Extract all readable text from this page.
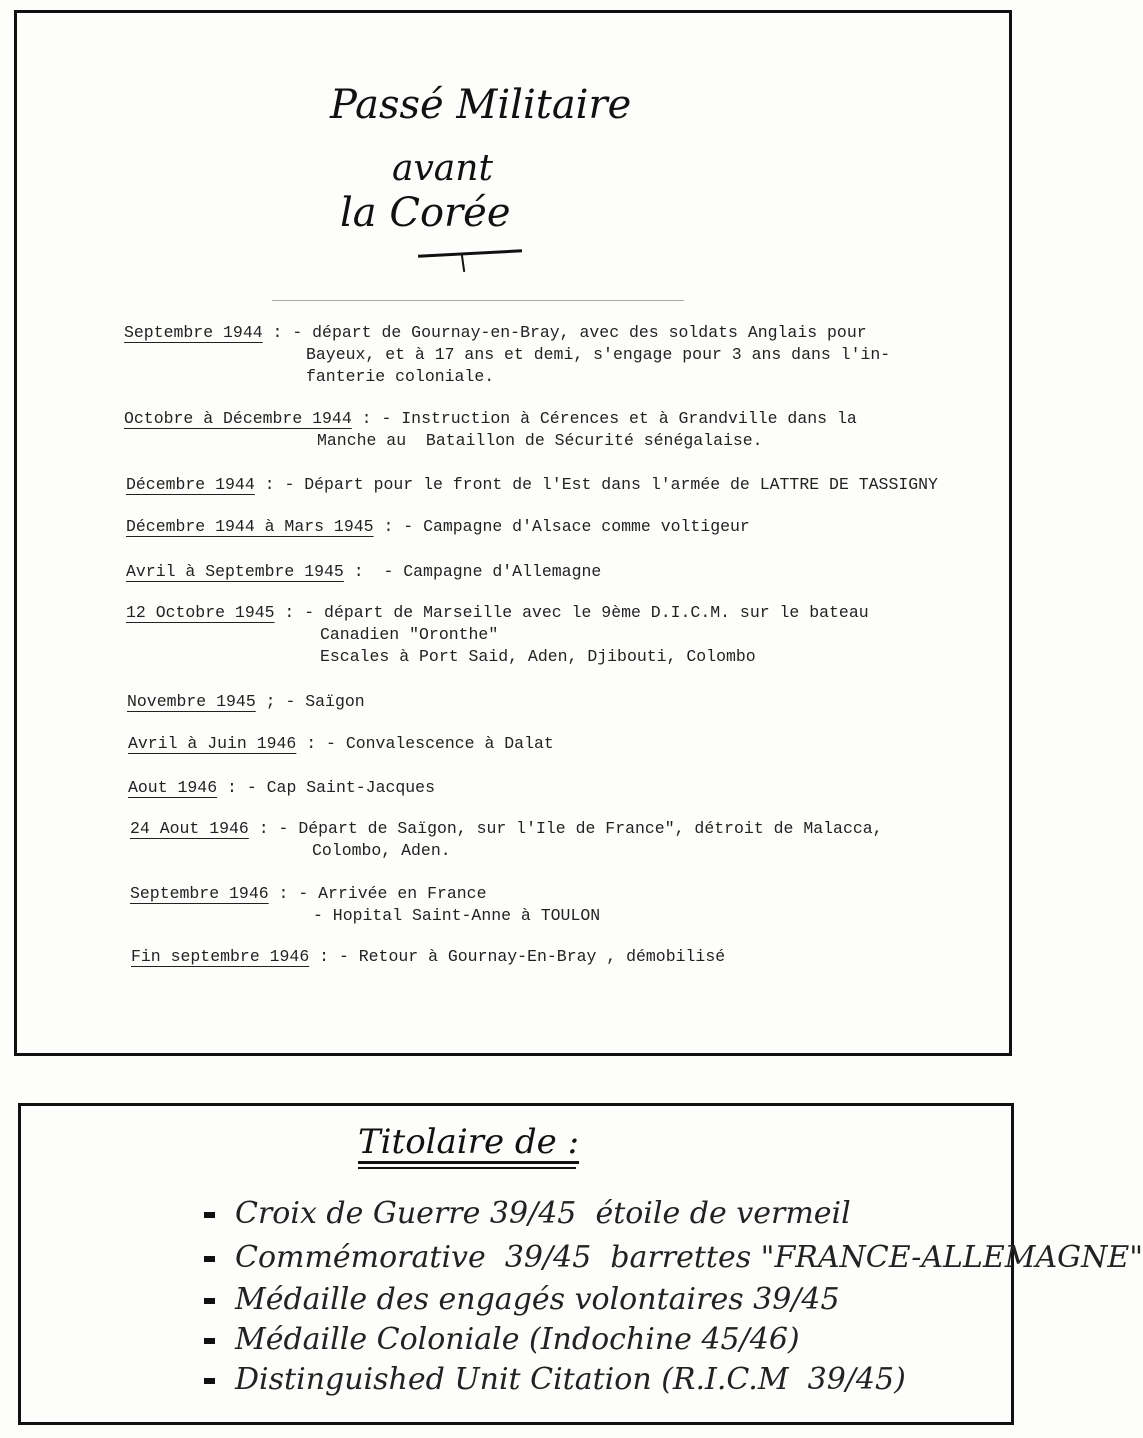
Passé Militaire
avant
la Corée
Septembre 1944 : - départ de Gournay-en-Bray, avec des soldats Anglais pour
Bayeux, et à 17 ans et demi, s'engage pour 3 ans dans l'in-
fanterie coloniale.
Octobre à Décembre 1944 : - Instruction à Cérences et à Grandville dans la
Manche au  Bataillon de Sécurité sénégalaise.
Décembre 1944 : - Départ pour le front de l'Est dans l'armée de LATTRE DE TASSIGNY
Décembre 1944 à Mars 1945 : - Campagne d'Alsace comme voltigeur
Avril à Septembre 1945 :  - Campagne d'Allemagne
12 Octobre 1945 : - départ de Marseille avec le 9ème D.I.C.M. sur le bateau
Canadien "Oronthe"
Escales à Port Said, Aden, Djibouti, Colombo
Novembre 1945 ; - Saïgon
Avril à Juin 1946 : - Convalescence à Dalat
Aout 1946 : - Cap Saint-Jacques
24 Aout 1946 : - Départ de Saïgon, sur l'Ile de France", détroit de Malacca,
Colombo, Aden.
Septembre 1946 : - Arrivée en France
- Hopital Saint-Anne à TOULON
Fin septembre 1946 : - Retour à Gournay-En-Bray , démobilisé
Titolaire de :
Croix de Guerre 39/45  étoile de vermeil
Commémorative  39/45  barrettes "FRANCE-ALLEMAGNE"
Médaille des engagés volontaires 39/45
Médaille Coloniale (Indochine 45/46)
Distinguished Unit Citation (R.I.C.M  39/45)
